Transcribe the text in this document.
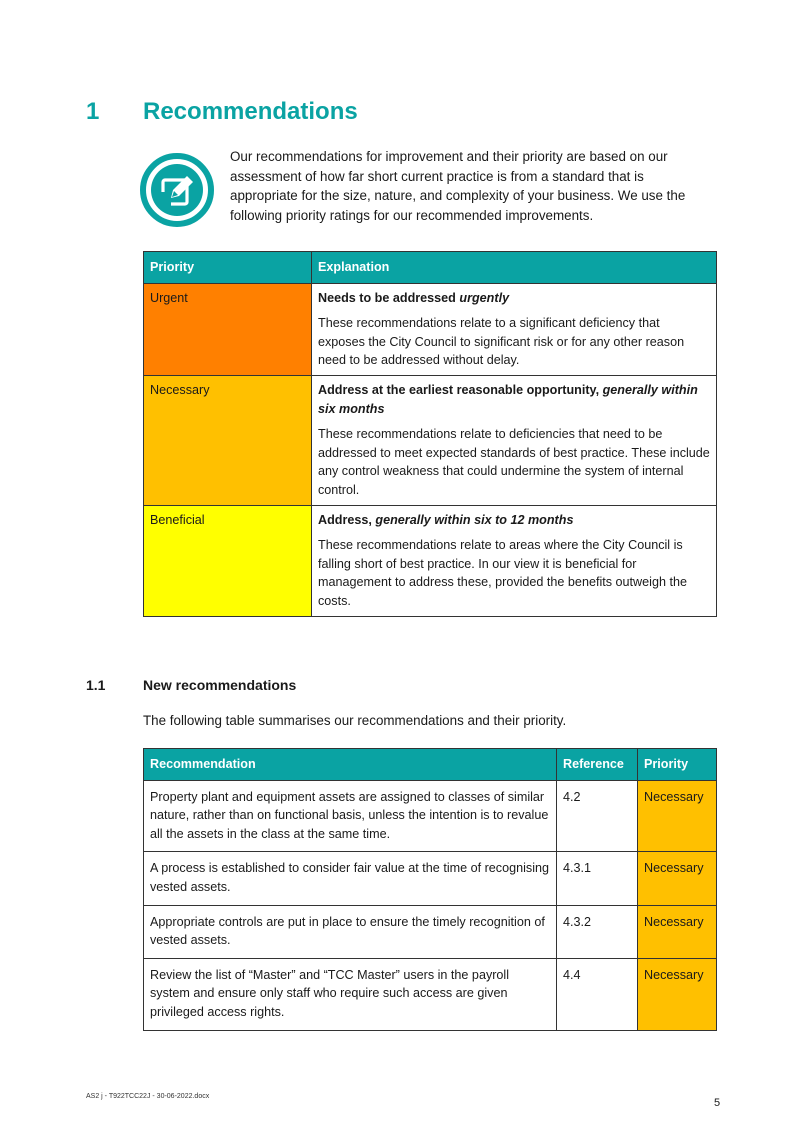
1 Recommendations
Our recommendations for improvement and their priority are based on our assessment of how far short current practice is from a standard that is appropriate for the size, nature, and complexity of your business. We use the following priority ratings for our recommended improvements.
Priority	Explanation
Urgent	Needs to be addressed urgently
These recommendations relate to a significant deficiency that exposes the City Council to significant risk or for any other reason need to be addressed without delay.

Necessary	Address at the earliest reasonable opportunity, generally within six months
These recommendations relate to deficiencies that need to be addressed to meet expected standards of best practice. These include any control weakness that could undermine the system of internal control.

Beneficial	Address, generally within six to 12 months
These recommendations relate to areas where the City Council is falling short of best practice. In our view it is beneficial for management to address these, provided the benefits outweigh the costs.
1.1	New recommendations
The following table summarises our recommendations and their priority.
Recommendation	Reference	Priority
Property plant and equipment assets are assigned to classes of similar nature, rather than on functional basis, unless the intention is to revalue all the assets in the class at the same time.	4.2	Necessary
A process is established to consider fair value at the time of recognising vested assets.	4.3.1	Necessary
Appropriate controls are put in place to ensure the timely recognition of vested assets.	4.3.2	Necessary
Review the list of “Master” and “TCC Master” users in the payroll system and ensure only staff who require such access are given privileged access rights.	4.4	Necessary
AS2 j - T922TCC22J - 30-06-2022.docx
5
